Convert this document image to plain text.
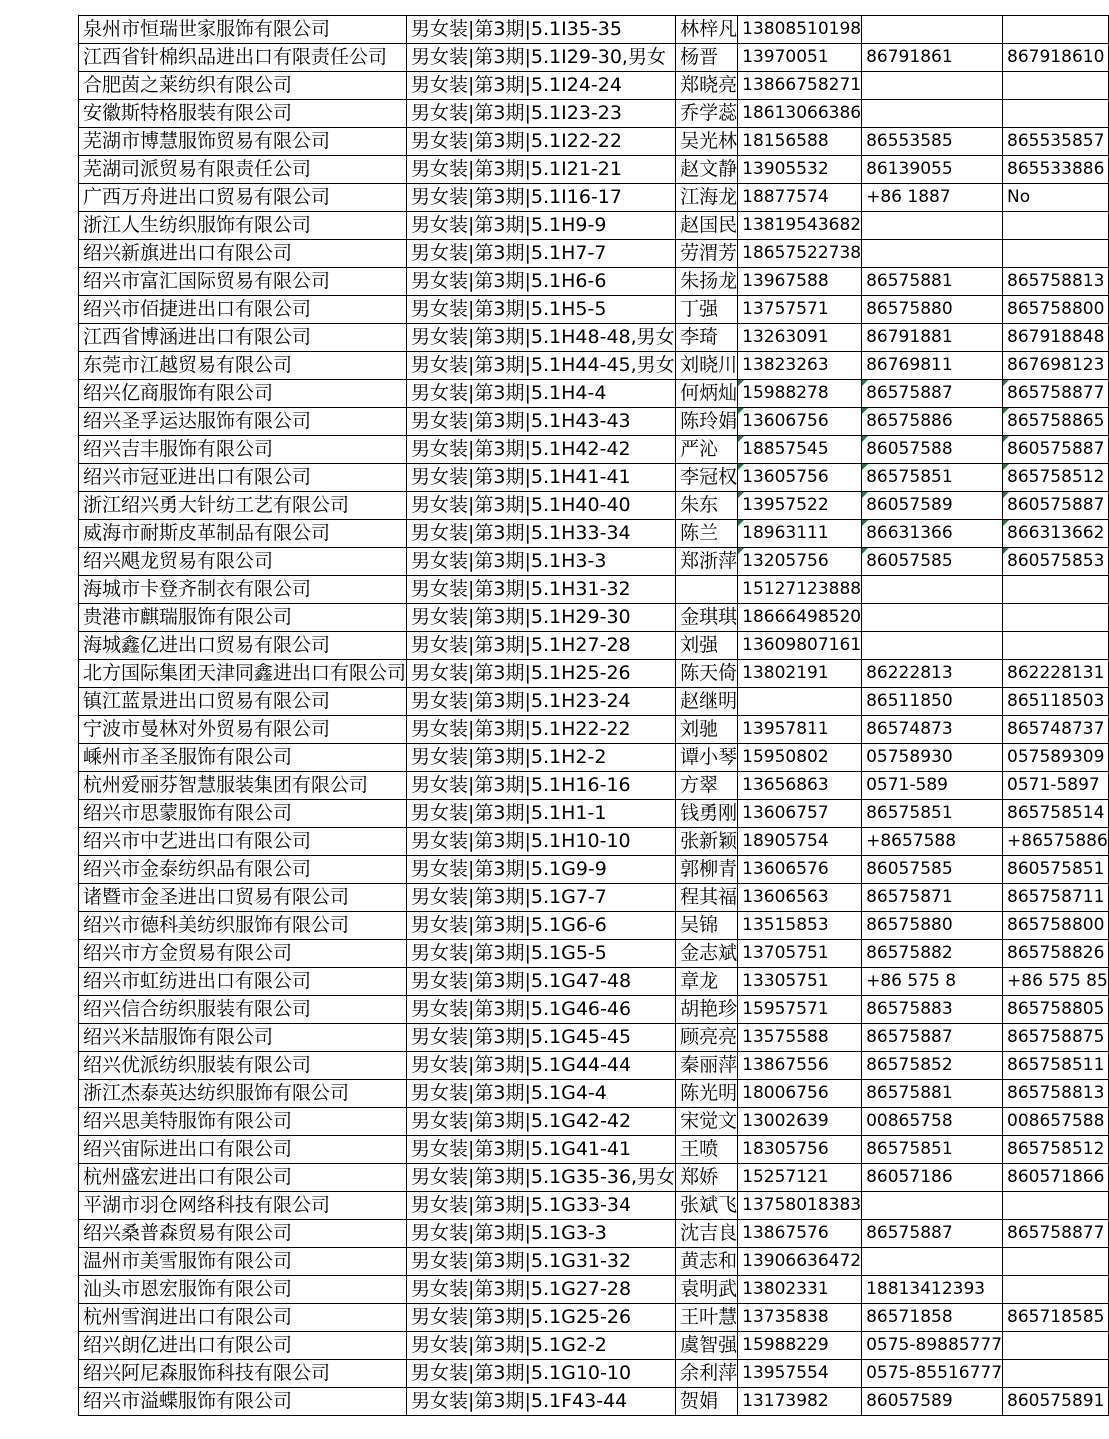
泉州市恒瑞世家服饰有限公司	男女装|第3期|5.1I35-35	林梓凡	13808510198		
江西省针棉织品进出口有限责任公司	男女装|第3期|5.1I29-30,男女	杨晋	13970051	86791861	867918610
合肥茵之莱纺织有限公司	男女装|第3期|5.1I24-24	郑晓亮	13866758271		
安徽斯特格服装有限公司	男女装|第3期|5.1I23-23	乔学蕊	18613066386		
芜湖市博慧服饰贸易有限公司	男女装|第3期|5.1I22-22	吴光林	18156588	86553585	865535857
芜湖司派贸易有限责任公司	男女装|第3期|5.1I21-21	赵文静	13905532	86139055	865533886
广西万舟进出口贸易有限公司	男女装|第3期|5.1I16-17	江海龙	18877574	+86 1887	No
浙江人生纺织服饰有限公司	男女装|第3期|5.1H9-9	赵国民	13819543682		
绍兴新旗进出口有限公司	男女装|第3期|5.1H7-7	劳渭芳	18657522738		
绍兴市富汇国际贸易有限公司	男女装|第3期|5.1H6-6	朱扬龙	13967588	86575881	865758813
绍兴市佰捷进出口有限公司	男女装|第3期|5.1H5-5	丁强	13757571	86575880	865758800
江西省博涵进出口有限公司	男女装|第3期|5.1H48-48,男女	李琦	13263091	86791881	867918848
东莞市江越贸易有限公司	男女装|第3期|5.1H44-45,男女	刘晓川	13823263	86769811	867698123
绍兴亿商服饰有限公司	男女装|第3期|5.1H4-4	何炳灿	15988278	86575887	865758877
绍兴圣孚运达服饰有限公司	男女装|第3期|5.1H43-43	陈玲娟	13606756	86575886	865758865
绍兴吉丰服饰有限公司	男女装|第3期|5.1H42-42	严沁	18857545	86057588	860575887
绍兴市冠亚进出口有限公司	男女装|第3期|5.1H41-41	李冠权	13605756	86575851	865758512
浙江绍兴勇大针纺工艺有限公司	男女装|第3期|5.1H40-40	朱东	13957522	86057589	860575887
威海市耐斯皮革制品有限公司	男女装|第3期|5.1H33-34	陈兰	18963111	86631366	866313662
绍兴飓龙贸易有限公司	男女装|第3期|5.1H3-3	郑浙萍	13205756	86057585	860575853
海城市卡登齐制衣有限公司	男女装|第3期|5.1H31-32		15127123888		
贵港市麒瑞服饰有限公司	男女装|第3期|5.1H29-30	金琪琪	18666498520		
海城鑫亿进出口贸易有限公司	男女装|第3期|5.1H27-28	刘强	13609807161		
北方国际集团天津同鑫进出口有限公司	男女装|第3期|5.1H25-26	陈天倚	13802191	86222813	862228131
镇江蓝景进出口贸易有限公司	男女装|第3期|5.1H23-24	赵继明		86511850	865118503
宁波市曼林对外贸易有限公司	男女装|第3期|5.1H22-22	刘驰	13957811	86574873	865748737
嵊州市圣圣服饰有限公司	男女装|第3期|5.1H2-2	谭小琴	15950802	05758930	057589309
杭州爱丽芬智慧服装集团有限公司	男女装|第3期|5.1H16-16	方翠	13656863	0571-589	0571-5897
绍兴市思蒙服饰有限公司	男女装|第3期|5.1H1-1	钱勇刚	13606757	86575851	865758514
绍兴市中艺进出口有限公司	男女装|第3期|5.1H10-10	张新颖	18905754	+8657588	+86575886
绍兴市金泰纺织品有限公司	男女装|第3期|5.1G9-9	郭柳青	13606576	86057585	860575851
诸暨市金圣进出口贸易有限公司	男女装|第3期|5.1G7-7	程其福	13606563	86575871	865758711
绍兴市德科美纺织服饰有限公司	男女装|第3期|5.1G6-6	吴锦	13515853	86575880	865758800
绍兴市方金贸易有限公司	男女装|第3期|5.1G5-5	金志斌	13705751	86575882	865758826
绍兴市虹纺进出口有限公司	男女装|第3期|5.1G47-48	章龙	13305751	+86 575 8	+86 575 85
绍兴信合纺织服装有限公司	男女装|第3期|5.1G46-46	胡艳珍	15957571	86575883	865758805
绍兴米喆服饰有限公司	男女装|第3期|5.1G45-45	顾亮亮	13575588	86575887	865758875
绍兴优派纺织服装有限公司	男女装|第3期|5.1G44-44	秦丽萍	13867556	86575852	865758511
浙江杰泰英达纺织服饰有限公司	男女装|第3期|5.1G4-4	陈光明	18006756	86575881	865758813
绍兴思美特服饰有限公司	男女装|第3期|5.1G42-42	宋觉文	13002639	00865758	008657588
绍兴宙际进出口有限公司	男女装|第3期|5.1G41-41	王喷	18305756	86575851	865758512
杭州盛宏进出口有限公司	男女装|第3期|5.1G35-36,男女	郑娇	15257121	86057186	860571866
平湖市羽仓网络科技有限公司	男女装|第3期|5.1G33-34	张斌飞	13758018383		
绍兴桑普森贸易有限公司	男女装|第3期|5.1G3-3	沈吉良	13867576	86575887	865758877
温州市美雪服饰有限公司	男女装|第3期|5.1G31-32	黄志和	13906636472		
汕头市恩宏服饰有限公司	男女装|第3期|5.1G27-28	袁明武	13802331	18813412393	
杭州雪润进出口有限公司	男女装|第3期|5.1G25-26	王叶慧	13735838	86571858	865718585
绍兴朗亿进出口有限公司	男女装|第3期|5.1G2-2	虞智强	15988229	0575-89885777	
绍兴阿尼森服饰科技有限公司	男女装|第3期|5.1G10-10	余利萍	13957554	0575-85516777	
绍兴市溢蝶服饰有限公司	男女装|第3期|5.1F43-44	贺娟	13173982	86057589	860575891
